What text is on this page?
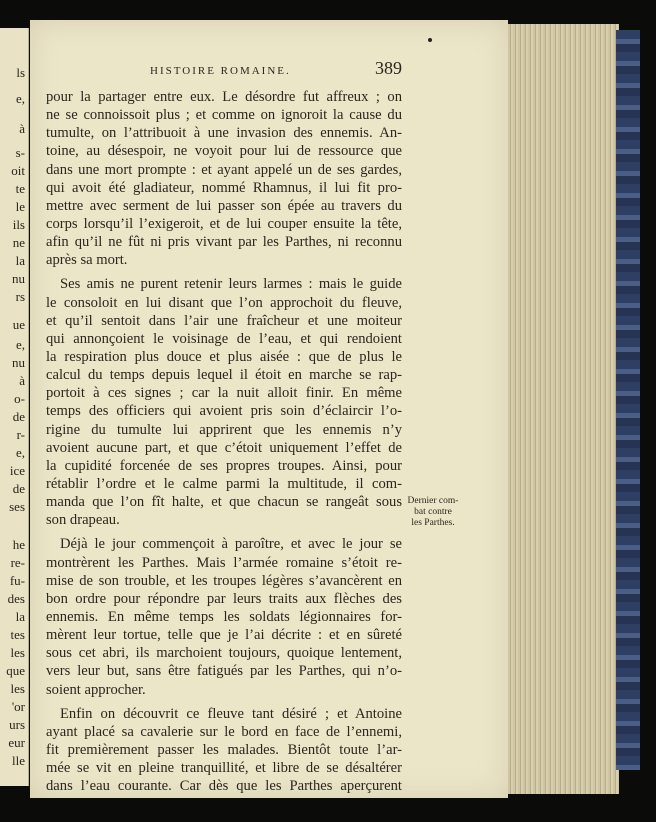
ls
e,
à
s-
oit
te
le
ils
ne
la
nu
rs
ue
e,
nu
à
o-
de
r-
e,
ice
de
ses
he
re-
fu-
des
la
tes
les
que
les
'or
urs
eur
lle
HISTOIRE ROMAINE.	389
pour la partager entre eux. Le désordre fut affreux ; on
ne se connoissoit plus ; et comme on ignoroit la cause du
tumulte, on l’attribuoit à une invasion des ennemis. An-
toine, au désespoir, ne voyoit pour lui de ressource que
dans une mort prompte : et ayant appelé un de ses gardes,
qui avoit été gladiateur, nommé Rhamnus, il lui fit pro-
mettre avec serment de lui passer son épée au travers du
corps lorsqu’il l’exigeroit, et de lui couper ensuite la tête,
afin qu’il ne fût ni pris vivant par les Parthes, ni reconnu
après sa mort.
Ses amis ne purent retenir leurs larmes : mais le guide
le consoloit en lui disant que l’on approchoit du fleuve,
et qu’il sentoit dans l’air une fraîcheur et une moiteur
qui annonçoient le voisinage de l’eau, et qui rendoient
la respiration plus douce et plus aisée : que de plus le
calcul du temps depuis lequel il étoit en marche se rap-
portoit à ces signes ; car la nuit alloit finir. En même
temps des officiers qui avoient pris soin d’éclaircir l’o-
rigine du tumulte lui apprirent que les ennemis n’y
avoient aucune part, et que c’étoit uniquement l’effet de
la cupidité forcenée de ses propres troupes. Ainsi, pour
rétablir l’ordre et le calme parmi la multitude, il com-
manda que l’on fît halte, et que chacun se rangeât sous
son drapeau.
Déjà le jour commençoit à paroître, et avec le jour se
montrèrent les Parthes. Mais l’armée romaine s’étoit re-
mise de son trouble, et les troupes légères s’avancèrent en
bon ordre pour répondre par leurs traits aux flèches des
ennemis. En même temps les soldats légionnaires for-
mèrent leur tortue, telle que je l’ai décrite : et en sûreté
sous cet abri, ils marchoient toujours, quoique lentement,
vers leur but, sans être fatigués par les Parthes, qui n’o-
soient approcher.
Enfin on découvrit ce fleuve tant désiré ; et Antoine
ayant placé sa cavalerie sur le bord en face de l’ennemi,
fit premièrement passer les malades. Bientôt toute l’ar-
mée se vit en pleine tranquillité, et libre de se désaltérer
dans l’eau courante. Car dès que les Parthes aperçurent
Dernier com-
bat contre
les Parthes.
